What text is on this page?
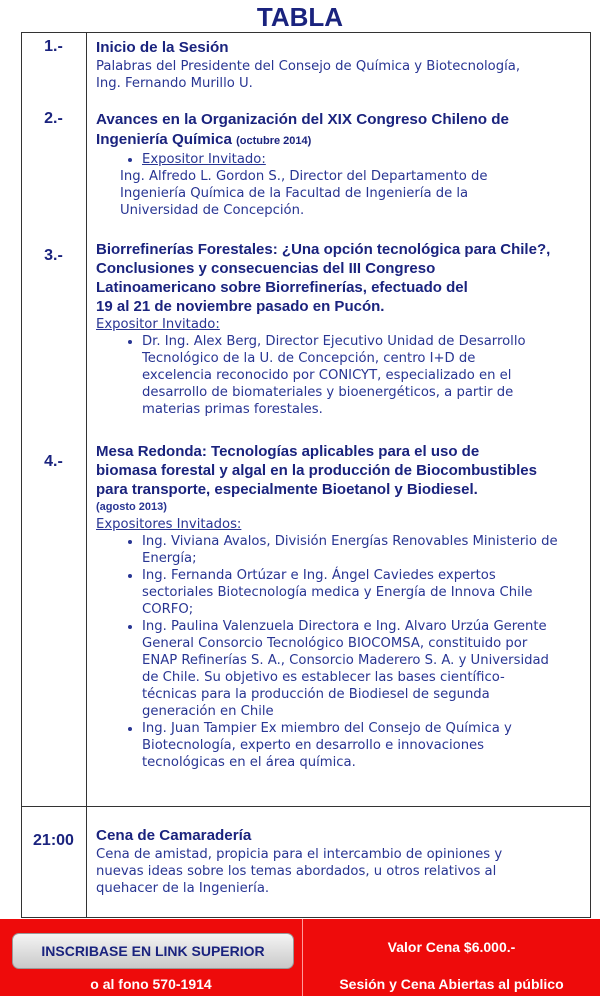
TABLA
1.-	Inicio de la Sesión
Palabras del Presidente del Consejo de Química y Biotecnología,
Ing. Fernando Murillo U.
2.-	Avances en la Organización del XIX Congreso Chileno de
Ingeniería Química (octubre 2014)
• Expositor Invitado:
Ing. Alfredo L. Gordon S., Director del Departamento de
Ingeniería Química de la Facultad de Ingeniería de la
Universidad de Concepción.
3.-	Biorrefinerías Forestales: ¿Una opción tecnológica para Chile?,
Conclusiones y consecuencias del III Congreso
Latinoamericano sobre Biorrefinerías, efectuado del
19 al 21 de noviembre pasado en Pucón.
Expositor Invitado:
• Dr. Ing. Alex Berg, Director Ejecutivo Unidad de Desarrollo
Tecnológico de la U. de Concepción, centro I+D de
excelencia reconocido por CONICYT, especializado en el
desarrollo de biomateriales y bioenergéticos, a partir de
materias primas forestales.
4.-
Mesa Redonda: Tecnologías aplicables para el uso de
biomasa forestal y algal en la producción de Biocombustibles
para transporte, especialmente Bioetanol y Biodiesel.
(agosto 2013)
Expositores Invitados:
• Ing. Viviana Avalos, División Energías Renovables Ministerio de
Energía;
• Ing. Fernanda Ortúzar e Ing. Ángel Caviedes expertos
sectoriales Biotecnología medica y Energía de Innova Chile
CORFO;
• Ing. Paulina Valenzuela Directora e Ing. Alvaro Urzúa Gerente
General Consorcio Tecnológico BIOCOMSA, constituido por
ENAP Refinerías S. A., Consorcio Maderero S. A. y Universidad
de Chile. Su objetivo es establecer las bases científico-
técnicas para la producción de Biodiesel de segunda
generación en Chile
• Ing. Juan Tampier Ex miembro del Consejo de Química y
Biotecnología, experto en desarrollo e innovaciones
tecnológicas en el área química.
21:00	Cena de Camaradería
Cena de amistad, propicia para el intercambio de opiniones y
nuevas ideas sobre los temas abordados, u otros relativos al
quehacer de la Ingeniería.
INSCRIBASE EN LINK SUPERIOR
o al fono 570-1914
Valor Cena $6.000.-
Sesión y Cena Abiertas al público
